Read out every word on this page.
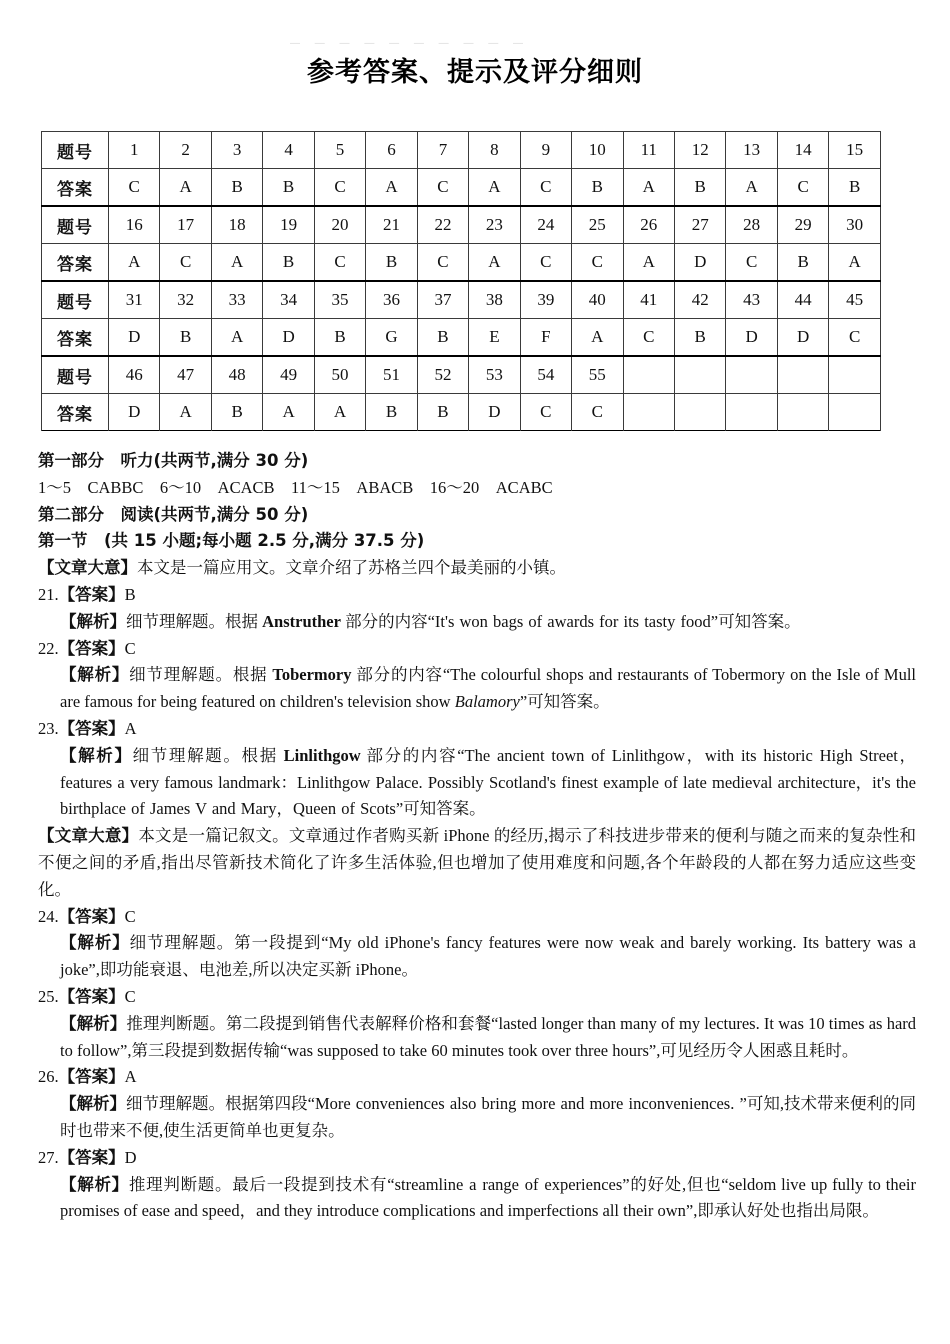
— — — — — — — — — —
参考答案、提示及评分细则
题号	1	2	3	4	5	6	7	8	9	10	11	12	13	14	15
答案	C	A	B	B	C	A	C	A	C	B	A	B	A	C	B
题号	16	17	18	19	20	21	22	23	24	25	26	27	28	29	30
答案	A	C	A	B	C	B	C	A	C	C	A	D	C	B	A
题号	31	32	33	34	35	36	37	38	39	40	41	42	43	44	45
答案	D	B	A	D	B	G	B	E	F	A	C	B	D	D	C
题号	46	47	48	49	50	51	52	53	54	55					
答案	D	A	B	A	A	B	B	D	C	C					
第一部分　听力(共两节,满分 30 分)
1～5　CABBC　6～10　ACACB　11～15　ABACB　16～20　ACABC
第二部分　阅读(共两节,满分 50 分)
第一节　(共 15 小题;每小题 2.5 分,满分 37.5 分)
【文章大意】本文是一篇应用文。文章介绍了苏格兰四个最美丽的小镇。
21.【答案】B
【解析】细节理解题。根据 Anstruther 部分的内容“It's won bags of awards for its tasty food”可知答案。
22.【答案】C
【解析】细节理解题。根据 Tobermory 部分的内容“The colourful shops and restaurants of Tobermory on the Isle of Mull are famous for being featured on children's television show Balamory”可知答案。
23.【答案】A
【解析】细节理解题。根据 Linlithgow 部分的内容“The ancient town of Linlithgow，with its historic High Street，features a very famous landmark：Linlithgow Palace. Possibly Scotland's finest example of late medieval architecture，it's the birthplace of James V and Mary，Queen of Scots”可知答案。
【文章大意】本文是一篇记叙文。文章通过作者购买新 iPhone 的经历,揭示了科技进步带来的便利与随之而来的复杂性和不便之间的矛盾,指出尽管新技术简化了许多生活体验,但也增加了使用难度和问题,各个年龄段的人都在努力适应这些变化。
24.【答案】C
【解析】细节理解题。第一段提到“My old iPhone's fancy features were now weak and barely working. Its battery was a joke”,即功能衰退、电池差,所以决定买新 iPhone。
25.【答案】C
【解析】推理判断题。第二段提到销售代表解释价格和套餐“lasted longer than many of my lectures. It was 10 times as hard to follow”,第三段提到数据传输“was supposed to take 60 minutes took over three hours”,可见经历令人困惑且耗时。
26.【答案】A
【解析】细节理解题。根据第四段“More conveniences also bring more and more inconveniences. ”可知,技术带来便利的同时也带来不便,使生活更简单也更复杂。
27.【答案】D
【解析】推理判断题。最后一段提到技术有“streamline a range of experiences”的好处,但也“seldom live up fully to their promises of ease and speed，and they introduce complications and imperfections all their own”,即承认好处也指出局限。
